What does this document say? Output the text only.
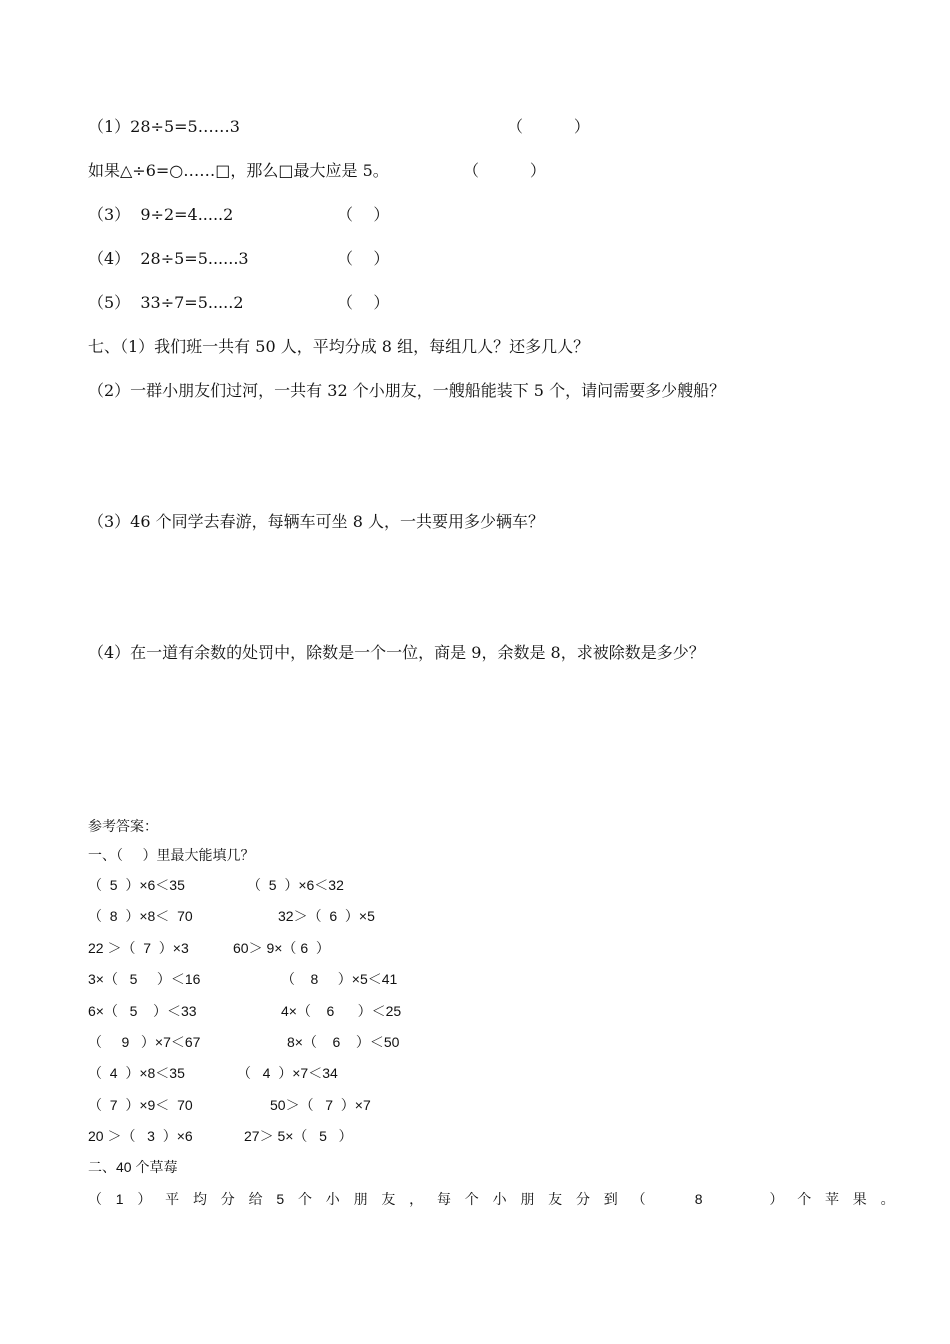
（1）28÷5=5……3	（          ）
如果△÷6=○……□，那么□最大应是 5。	（          ）
（3）  9÷2=4.....2	（    ）
（4）  28÷5=5......3	（    ）
（5）  33÷7=5.....2	（    ）
七、（1）我们班一共有 50 人，平均分成 8 组，每组几人？还多几人？
（2）一群小朋友们过河，一共有 32 个小朋友，一艘船能装下 5 个，请问需要多少艘船？
（3）46 个同学去春游，每辆车可坐 8 人，一共要用多少辆车？
（4）在一道有余数的处罚中，除数是一个一位，商是 9，余数是 8，求被除数是多少？
参考答案：
一、（     ）里最大能填几？
（  5  ）×6＜35	（  5  ）×6＜32
（  8  ）×8＜  70	32＞（  6  ）×5
22 ＞（  7  ）×3	60＞ 9×（ 6  ）
3×（   5     ）＜16	（    8     ）×5＜41
6×（   5    ）＜33	4×（    6      ）＜25
（     9   ）×7＜67	8×（    6    ）＜50
（  4  ）×8＜35	（   4  ）×7＜34
（  7  ）×9＜  70	50＞（   7  ）×7
20 ＞（   3  ）×6	27＞ 5×（   5   ）
二、40 个草莓
（1）平均分给5个小朋友，每个小朋友分到（  8   ）个苹果。
